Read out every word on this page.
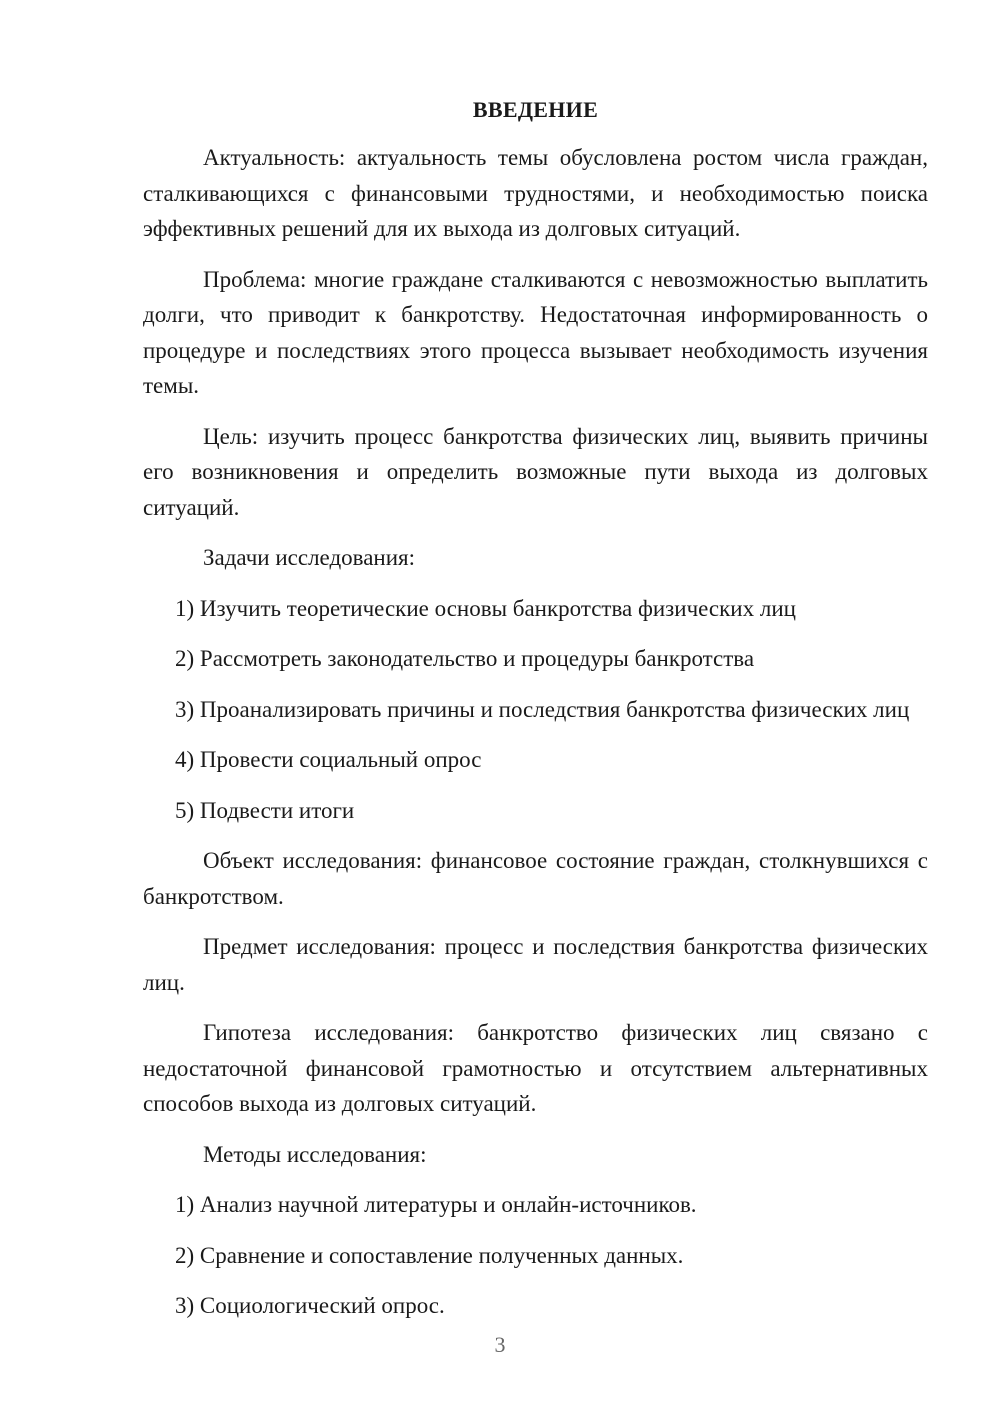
ВВЕДЕНИЕ

Актуальность: актуальность темы обусловлена ростом числа граждан, сталкивающихся с финансовыми трудностями, и необходимостью поиска эффективных решений для их выхода из долговых ситуаций.

Проблема: многие граждане сталкиваются с невозможностью выплатить долги, что приводит к банкротству. Недостаточная информированность о процедуре и последствиях этого процесса вызывает необходимость изучения темы.

Цель: изучить процесс банкротства физических лиц, выявить причины его возникновения и определить возможные пути выхода из долговых ситуаций.

Задачи исследования:

1) Изучить теоретические основы банкротства физических лиц

2) Рассмотреть законодательство и процедуры банкротства

3) Проанализировать причины и последствия банкротства физических лиц

4) Провести социальный опрос

5) Подвести итоги

Объект исследования: финансовое состояние граждан, столкнувшихся с банкротством.

Предмет исследования: процесс и последствия банкротства физических лиц.

Гипотеза исследования: банкротство физических лиц связано с недостаточной финансовой грамотностью и отсутствием альтернативных способов выхода из долговых ситуаций.

Методы исследования:

1) Анализ научной литературы и онлайн-источников.

2) Сравнение и сопоставление полученных данных.

3) Социологический опрос.

3
